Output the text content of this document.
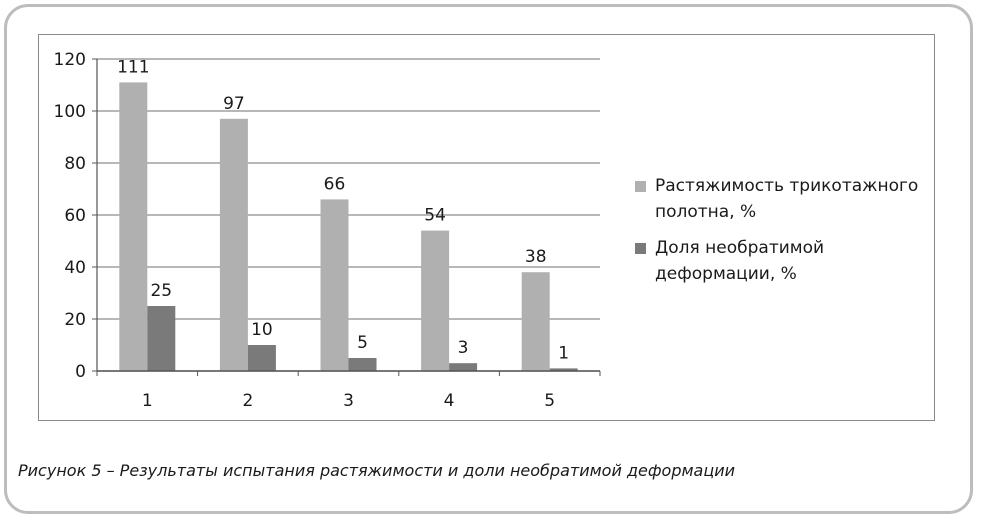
0
20
40
60
80
100
120 111
25
1
97
10
2
66
5
3
54
3
4
38
1
5
Растяжимость трикотажного полотна, %
Доля необратимой деформации, %
Рисунок 5 – Результаты испытания растяжимости и доли необратимой деформации
